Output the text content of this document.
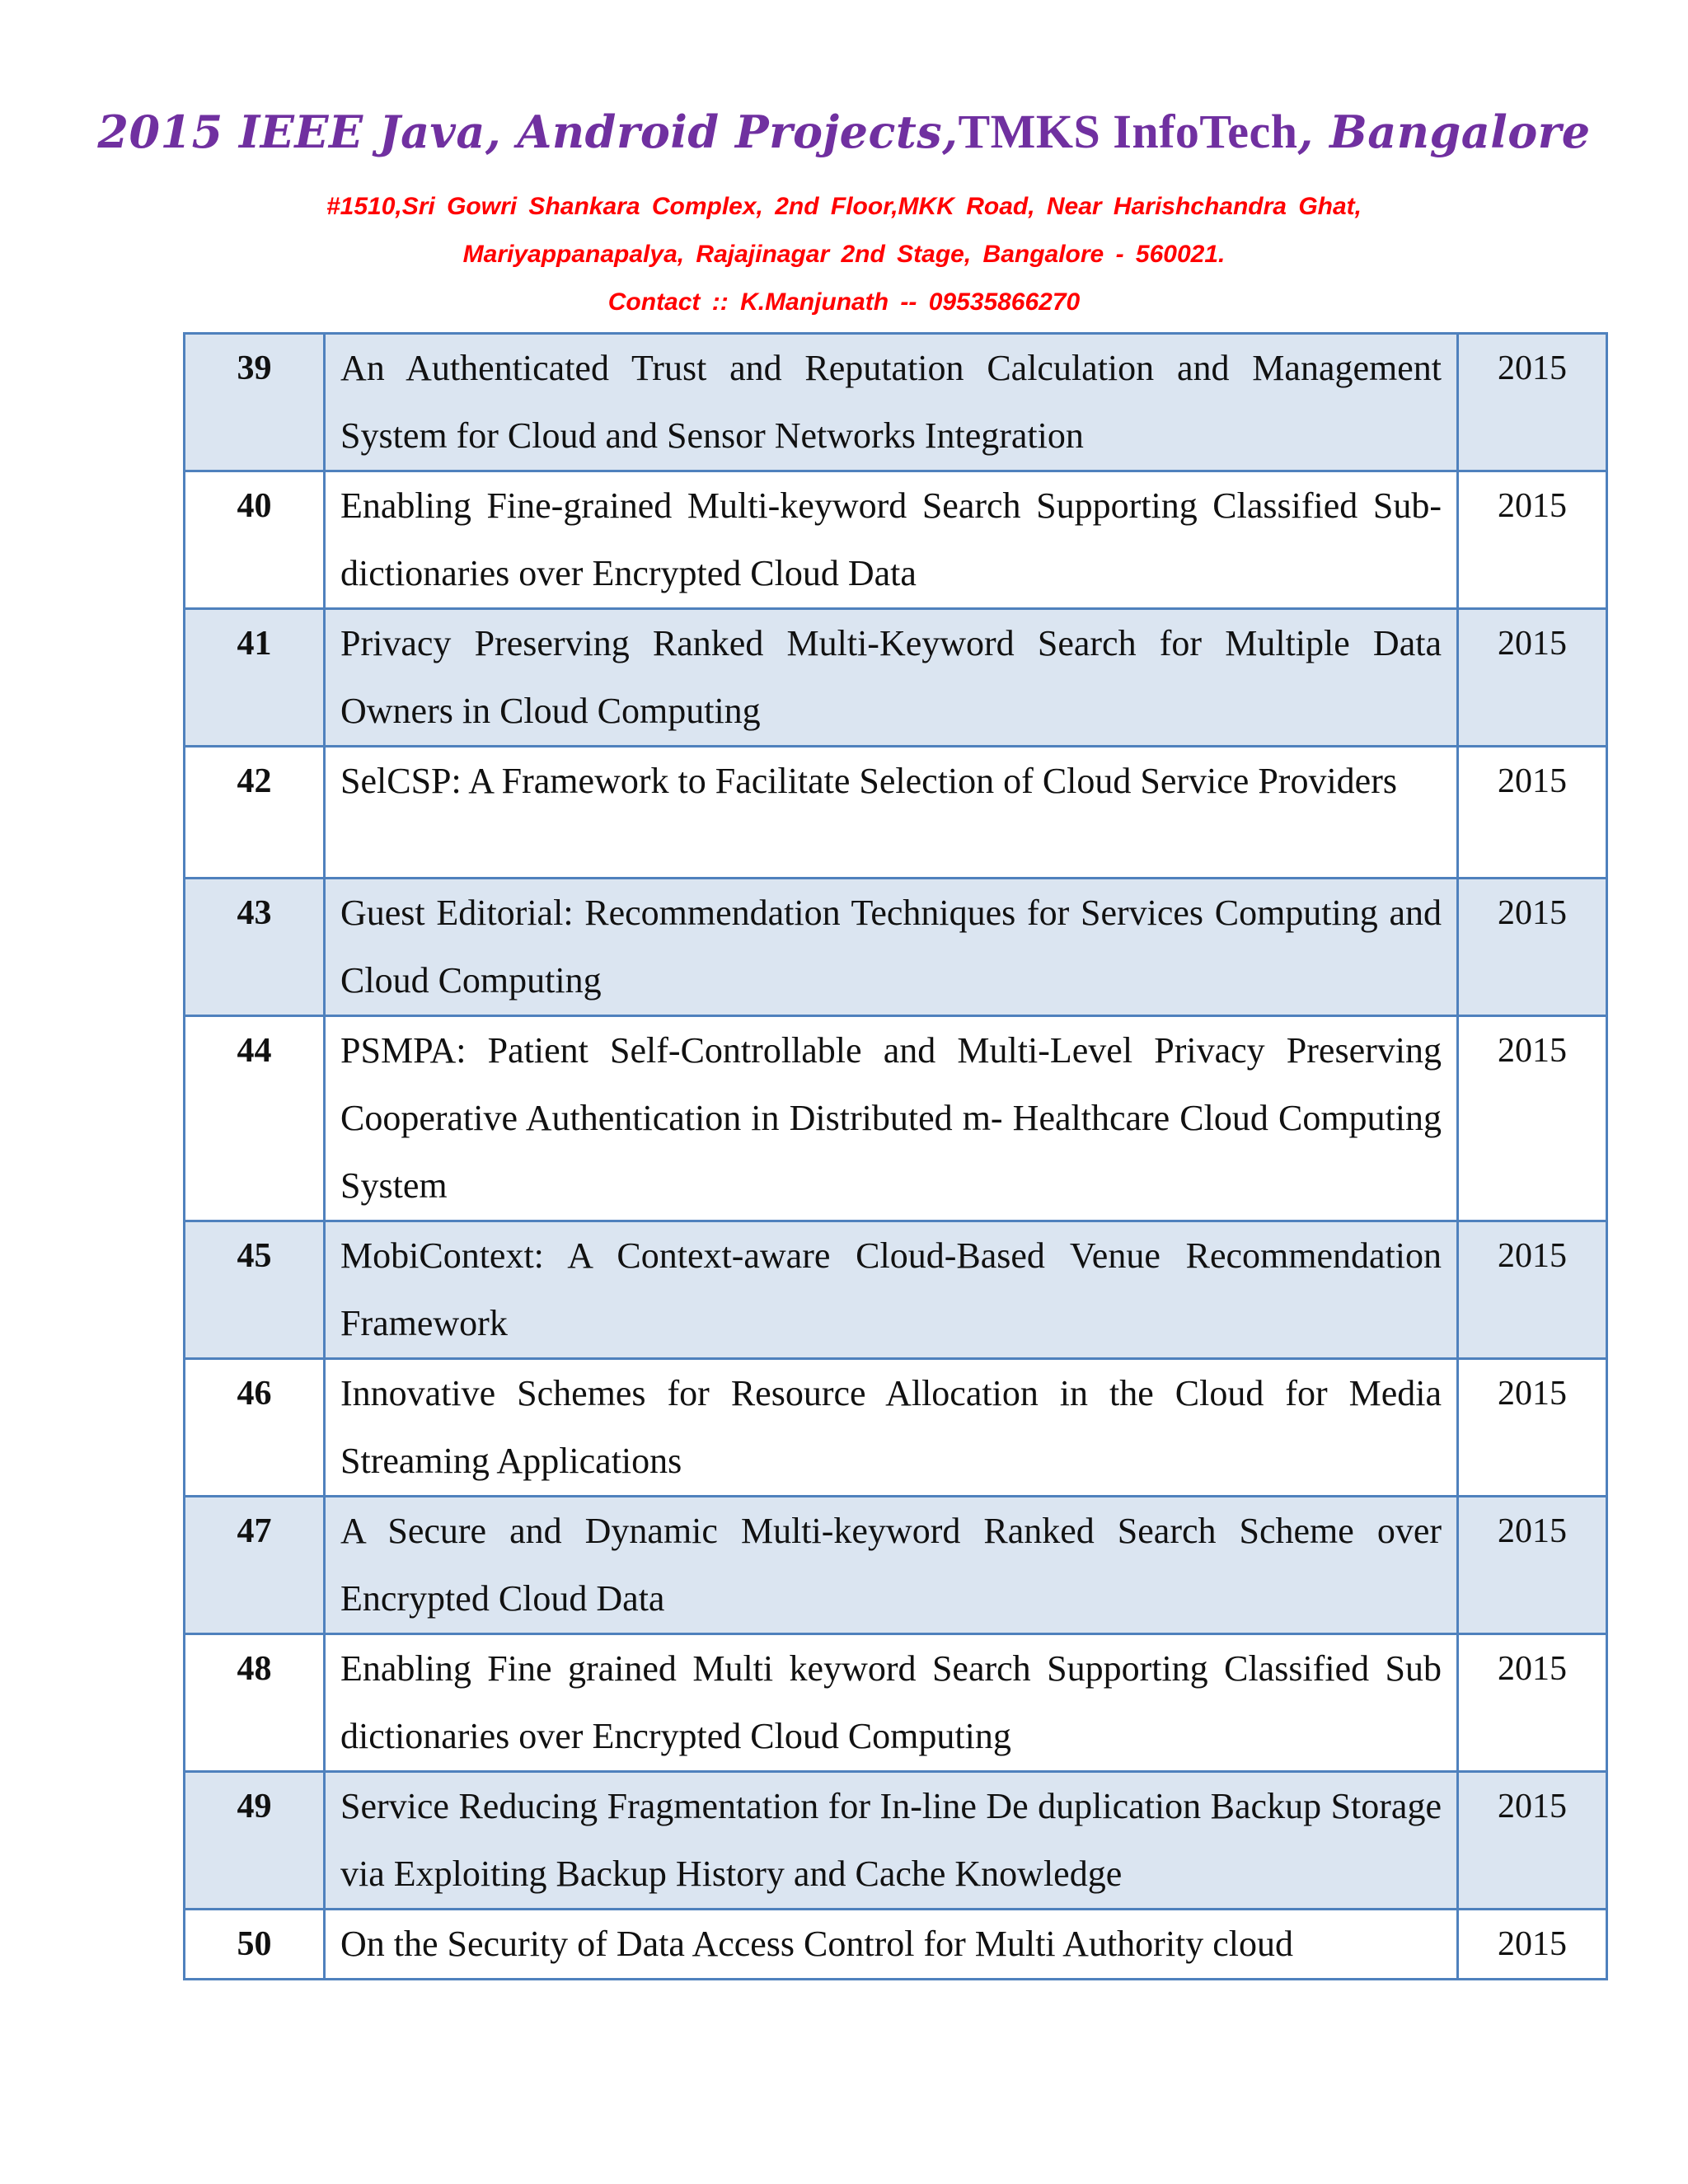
2015 IEEE Java, Android Projects,TMKS InfoTech, Bangalore

#1510,Sri Gowri Shankara Complex, 2nd Floor,MKK Road, Near Harishchandra Ghat,

Mariyappanapalya, Rajajinagar 2nd Stage, Bangalore - 560021.

Contact :: K.Manjunath -- 09535866270

39	An Authenticated Trust and Reputation Calculation and Management System for Cloud and Sensor Networks Integration	2015
40	Enabling Fine-grained Multi-keyword Search Supporting Classified Sub-dictionaries over Encrypted Cloud Data	2015
41	Privacy Preserving Ranked Multi-Keyword Search for Multiple Data Owners in Cloud Computing	2015
42	SelCSP: A Framework to Facilitate Selection of Cloud Service Providers	2015
43	Guest Editorial: Recommendation Techniques for Services Computing and Cloud Computing	2015
44	PSMPA: Patient Self-Controllable and Multi-Level Privacy Preserving Cooperative Authentication in Distributed m- Healthcare Cloud Computing System	2015
45	MobiContext: A Context-aware Cloud-Based Venue Recommendation Framework	2015
46	Innovative Schemes for Resource Allocation in the Cloud for Media Streaming Applications	2015
47	A Secure and Dynamic Multi-keyword Ranked Search Scheme over Encrypted Cloud Data	2015
48	Enabling Fine grained Multi keyword Search Supporting Classified Sub dictionaries over Encrypted Cloud Computing	2015
49	Service Reducing Fragmentation for In-line De duplication Backup Storage via Exploiting Backup History and Cache Knowledge	2015
50	On the Security of Data Access Control for Multi Authority cloud	2015
